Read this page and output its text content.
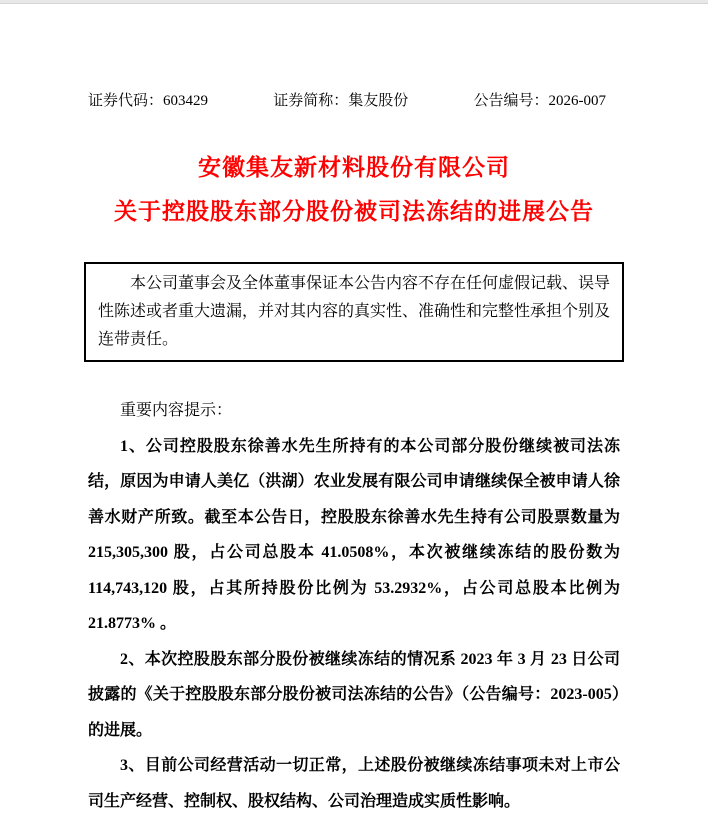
证券代码：603429	证券简称：集友股份	公告编号：2026-007
安徽集友新材料股份有限公司
关于控股股东部分股份被司法冻结的进展公告

本公司董事会及全体董事保证本公告内容不存在任何虚假记载、误导性陈述或者重大遗漏，并对其内容的真实性、准确性和完整性承担个别及连带责任。

重要内容提示：

1、公司控股股东徐善水先生所持有的本公司部分股份继续被司法冻结，原因为申请人美亿（洪湖）农业发展有限公司申请继续保全被申请人徐善水财产所致。截至本公告日，控股股东徐善水先生持有公司股票数量为 215,305,300 股，占公司总股本 41.0508%，本次被继续冻结的股份数为 114,743,120 股，占其所持股份比例为 53.2932%，占公司总股本比例为 21.8773% 。

2、本次控股股东部分股份被继续冻结的情况系 2023 年 3 月 23 日公司披露的《关于控股股东部分股份被司法冻结的公告》（公告编号：2023-005）的进展。

3、目前公司经营活动一切正常，上述股份被继续冻结事项未对上市公司生产经营、控制权、股权结构、公司治理造成实质性影响。
